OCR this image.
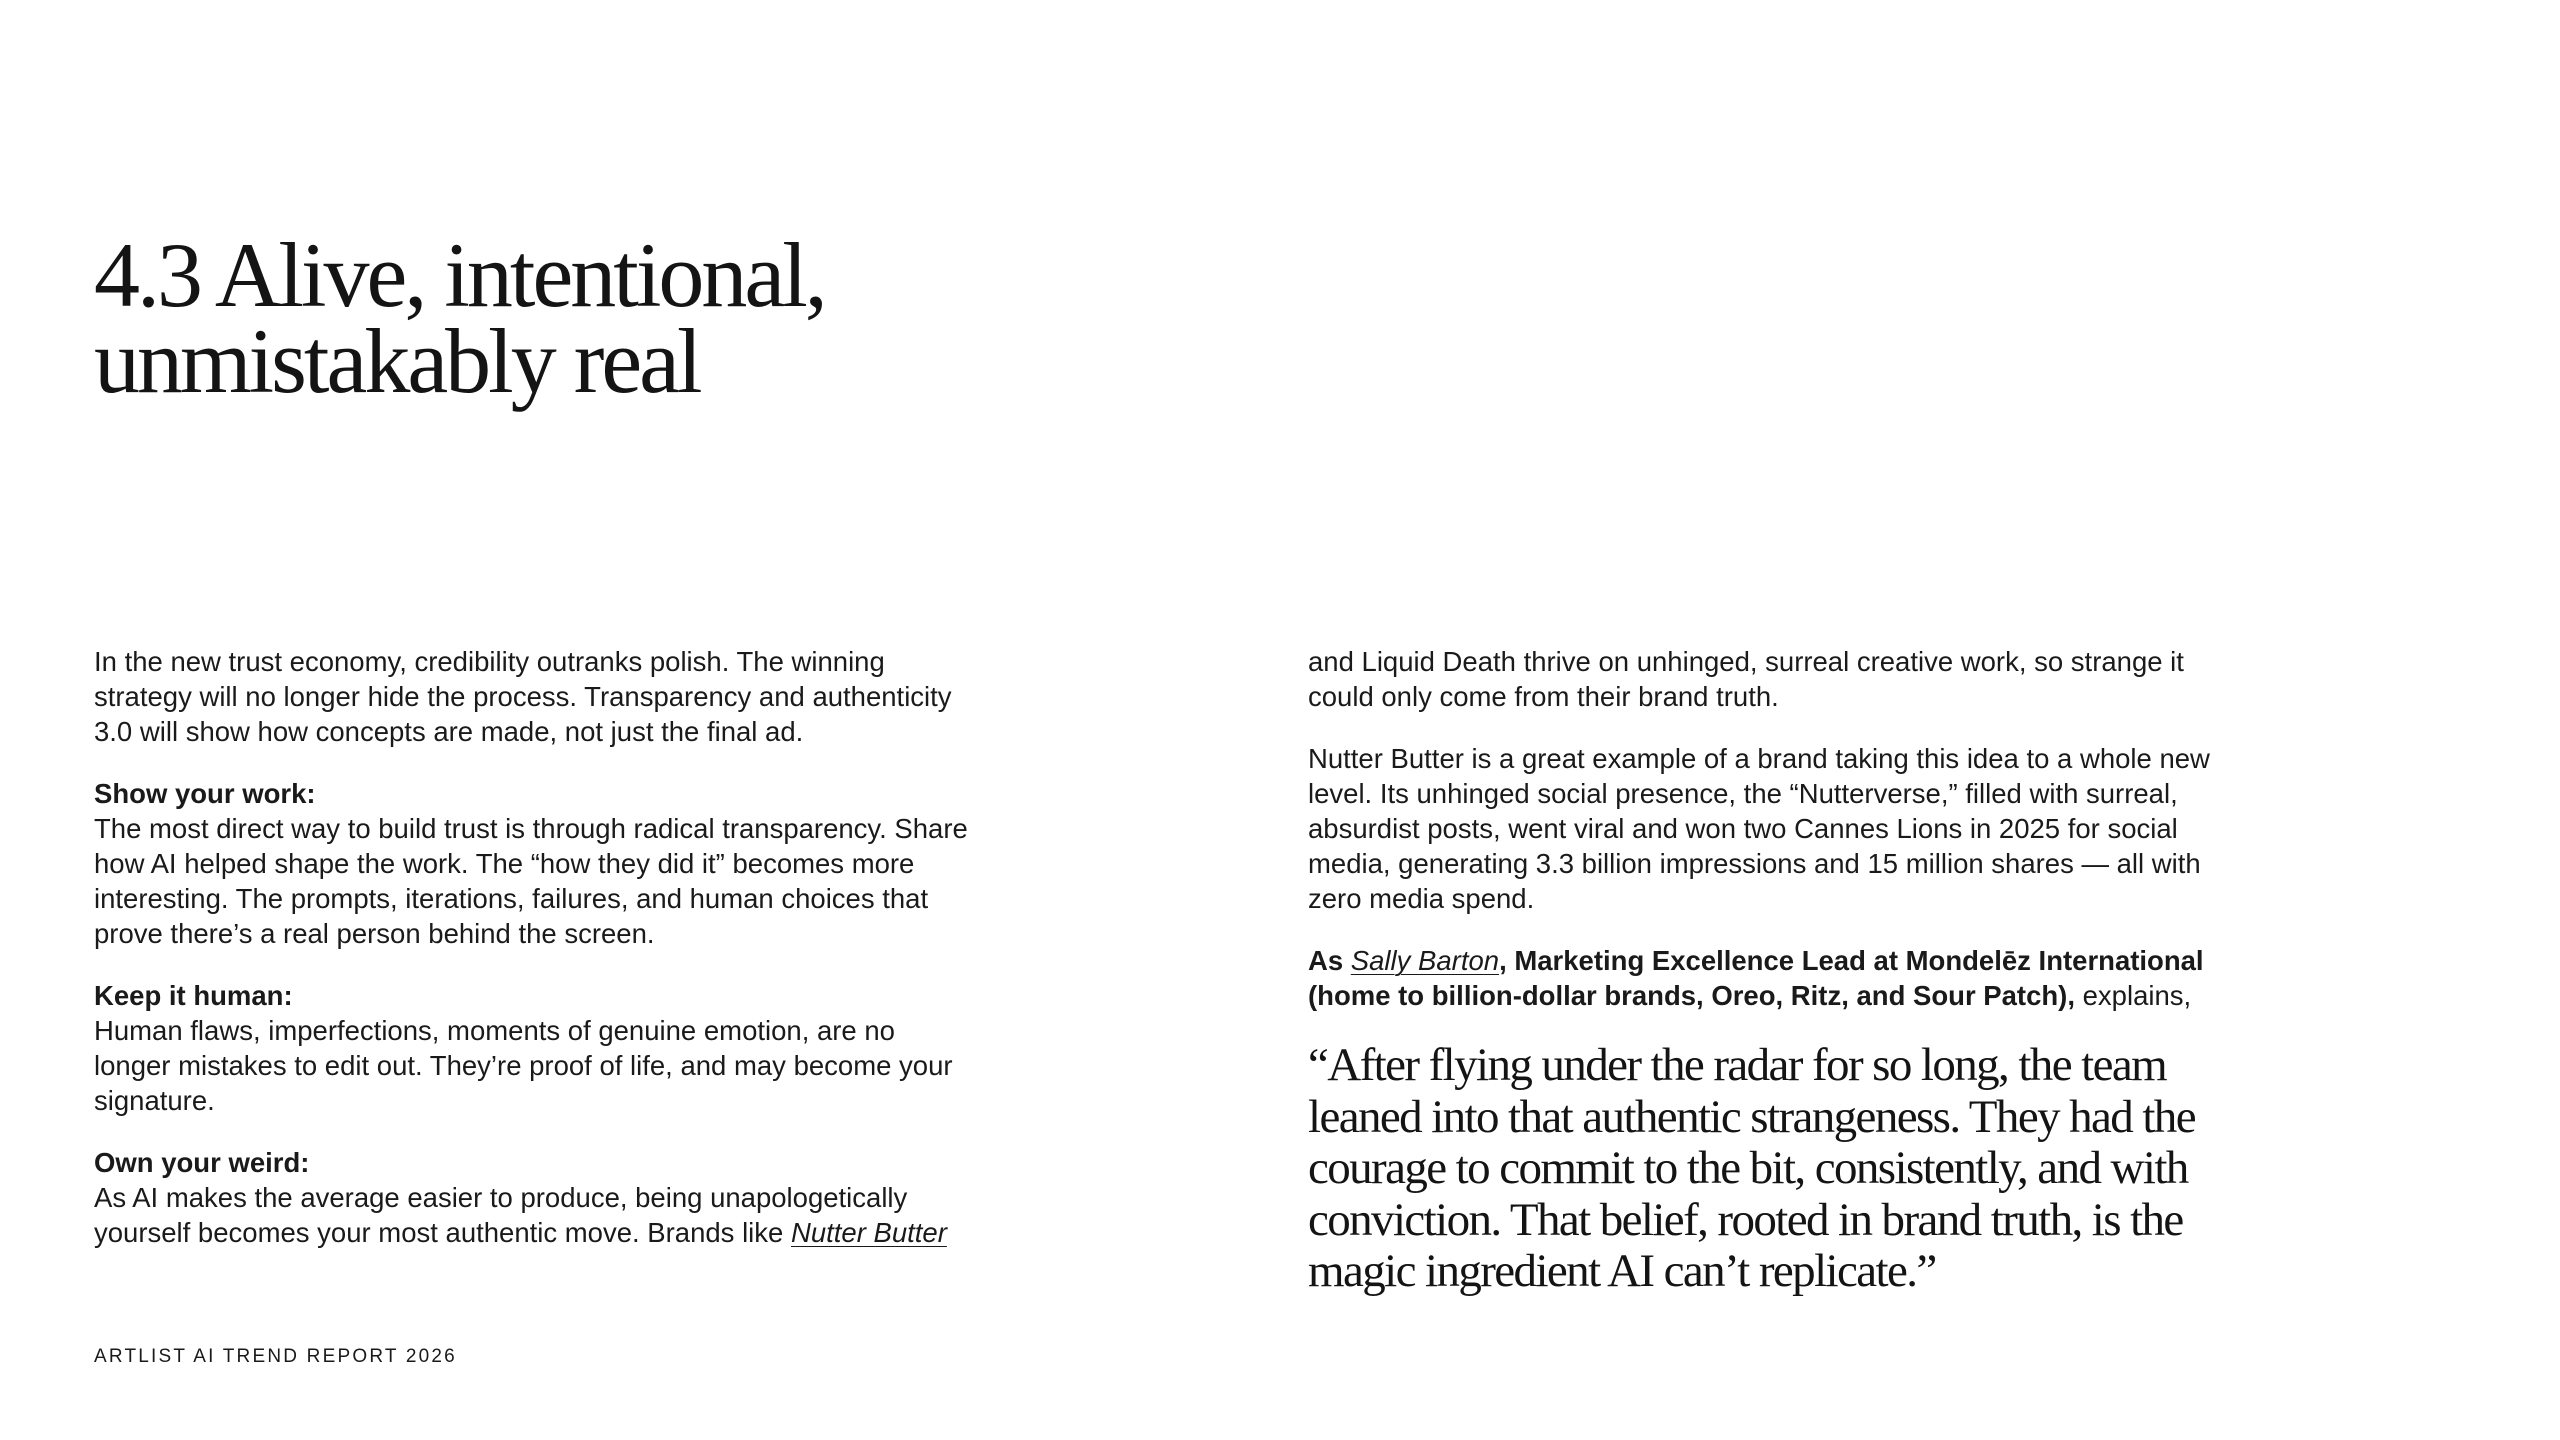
4.3 Alive, intentional,
unmistakably real

In the new trust economy, credibility outranks polish. The winning strategy will no longer hide the process. Transparency and authenticity 3.0 will show how concepts are made, not just the final ad.

Show your work:
The most direct way to build trust is through radical transparency. Share how AI helped shape the work. The “how they did it” becomes more interesting. The prompts, iterations, failures, and human choices that prove there’s a real person behind the screen.

Keep it human:
Human flaws, imperfections, moments of genuine emotion, are no longer mistakes to edit out. They’re proof of life, and may become your signature.

Own your weird:
As AI makes the average easier to produce, being unapologetically yourself becomes your most authentic move. Brands like Nutter Butter

and Liquid Death thrive on unhinged, surreal creative work, so strange it could only come from their brand truth.

Nutter Butter is a great example of a brand taking this idea to a whole new level. Its unhinged social presence, the “Nutterverse,” filled with surreal, absurdist posts, went viral and won two Cannes Lions in 2025 for social media, generating 3.3 billion impressions and 15 million shares — all with zero media spend.

As Sally Barton, Marketing Excellence Lead at Mondelēz International (home to billion-dollar brands, Oreo, Ritz, and Sour Patch), explains,

“After flying under the radar for so long, the team leaned into that authentic strangeness. They had the courage to commit to the bit, consistently, and with conviction. That belief, rooted in brand truth, is the magic ingredient AI can’t replicate.”

ARTLIST AI TREND REPORT 2026
